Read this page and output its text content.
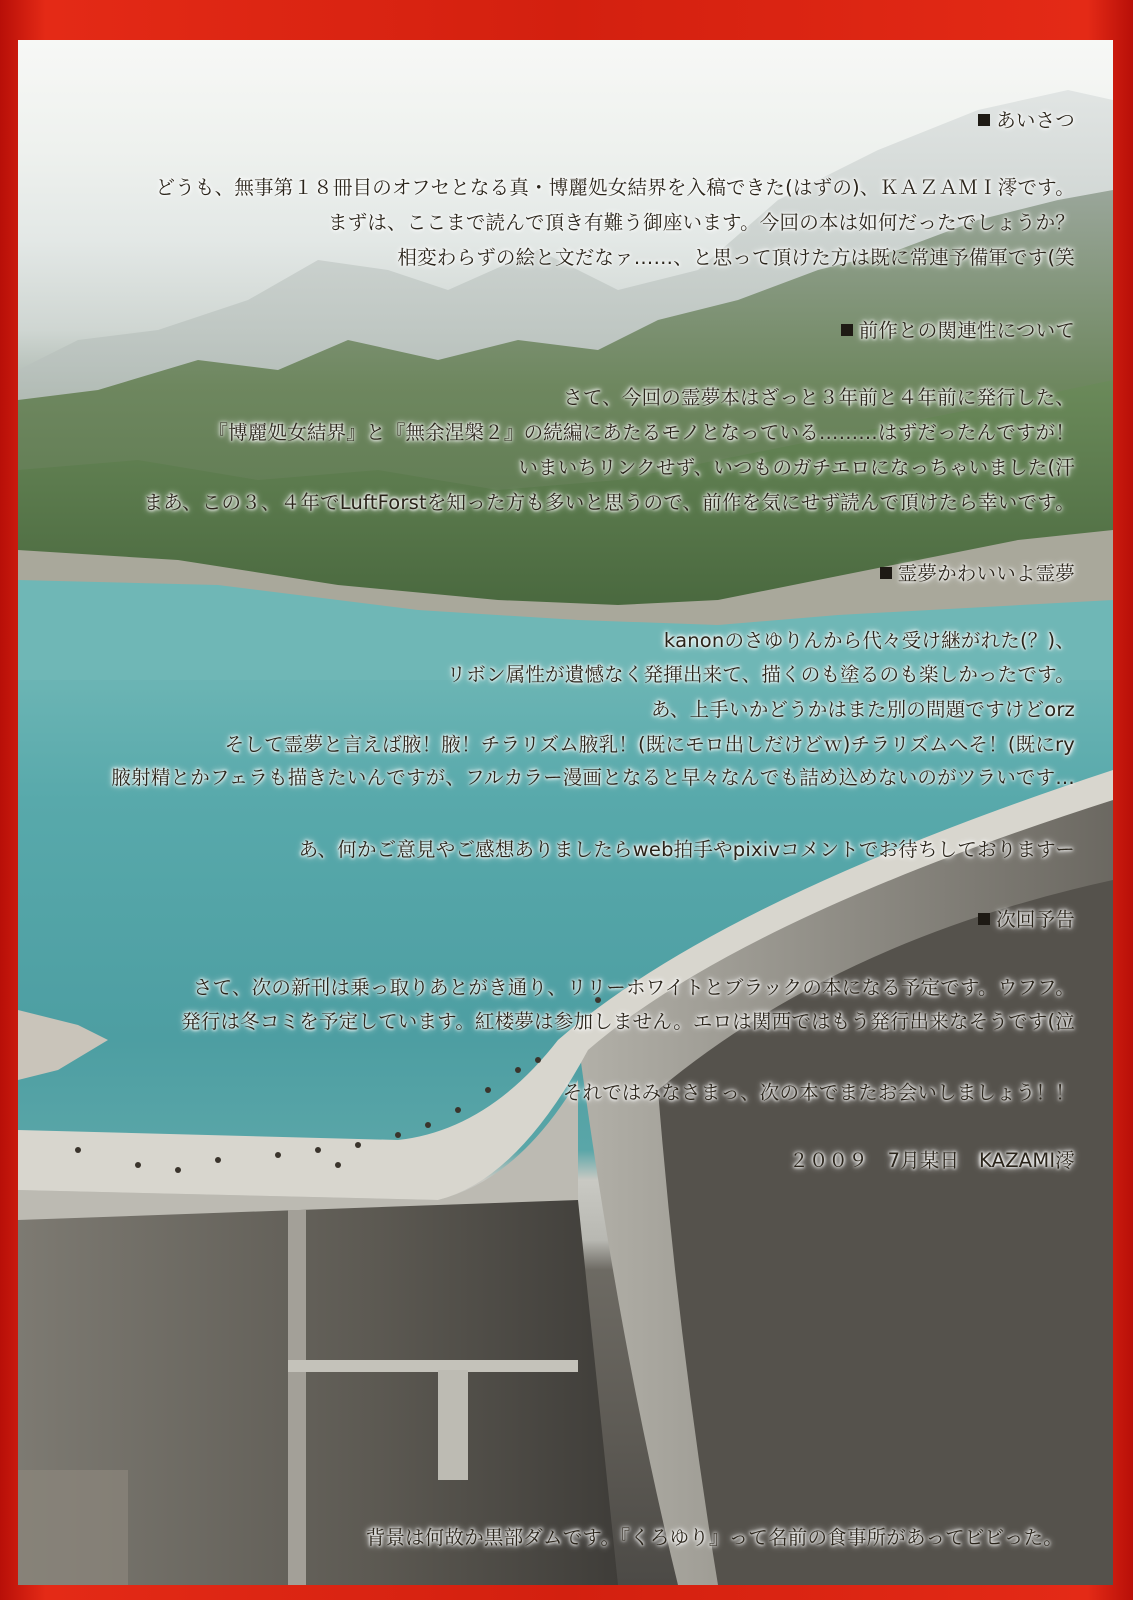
あいさつ
どうも、無事第１８冊目のオフセとなる真・博麗処女結界を入稿できた(はずの)、ＫＡＺＡＭＩ澪です。
まずは、ここまで読んで頂き有難う御座います。今回の本は如何だったでしょうか？
相変わらずの絵と文だなァ……、と思って頂けた方は既に常連予備軍です(笑
前作との関連性について
さて、今回の霊夢本はざっと３年前と４年前に発行した、
『博麗処女結界』と『無余涅槃２』の続編にあたるモノとなっている………はずだったんですが！
いまいちリンクせず、いつものガチエロになっちゃいました(汗
まあ、この３、４年でLuftForstを知った方も多いと思うので、前作を気にせず読んで頂けたら幸いです。
霊夢かわいいよ霊夢
kanonのさゆりんから代々受け継がれた(？)、
リボン属性が遺憾なく発揮出来て、描くのも塗るのも楽しかったです。
あ、上手いかどうかはまた別の問題ですけどorz
そして霊夢と言えば腋！腋！チラリズム腋乳！(既にモロ出しだけどｗ)チラリズムへそ！(既にry
腋射精とかフェラも描きたいんですが、フルカラー漫画となると早々なんでも詰め込めないのがツラいです…
あ、何かご意見やご感想ありましたらweb拍手やpixivコメントでお待ちしておりますー
次回予告
さて、次の新刊は乗っ取りあとがき通り、リリーホワイトとブラックの本になる予定です。ウフフ。
発行は冬コミを予定しています。紅楼夢は参加しません。エロは関西ではもう発行出来なそうです(泣
それではみなさまっ、次の本でまたお会いしましょう！！
２００９　7月某日　KAZAMI澪
背景は何故か黒部ダムです。『くろゆり』って名前の食事所があってビビった。
